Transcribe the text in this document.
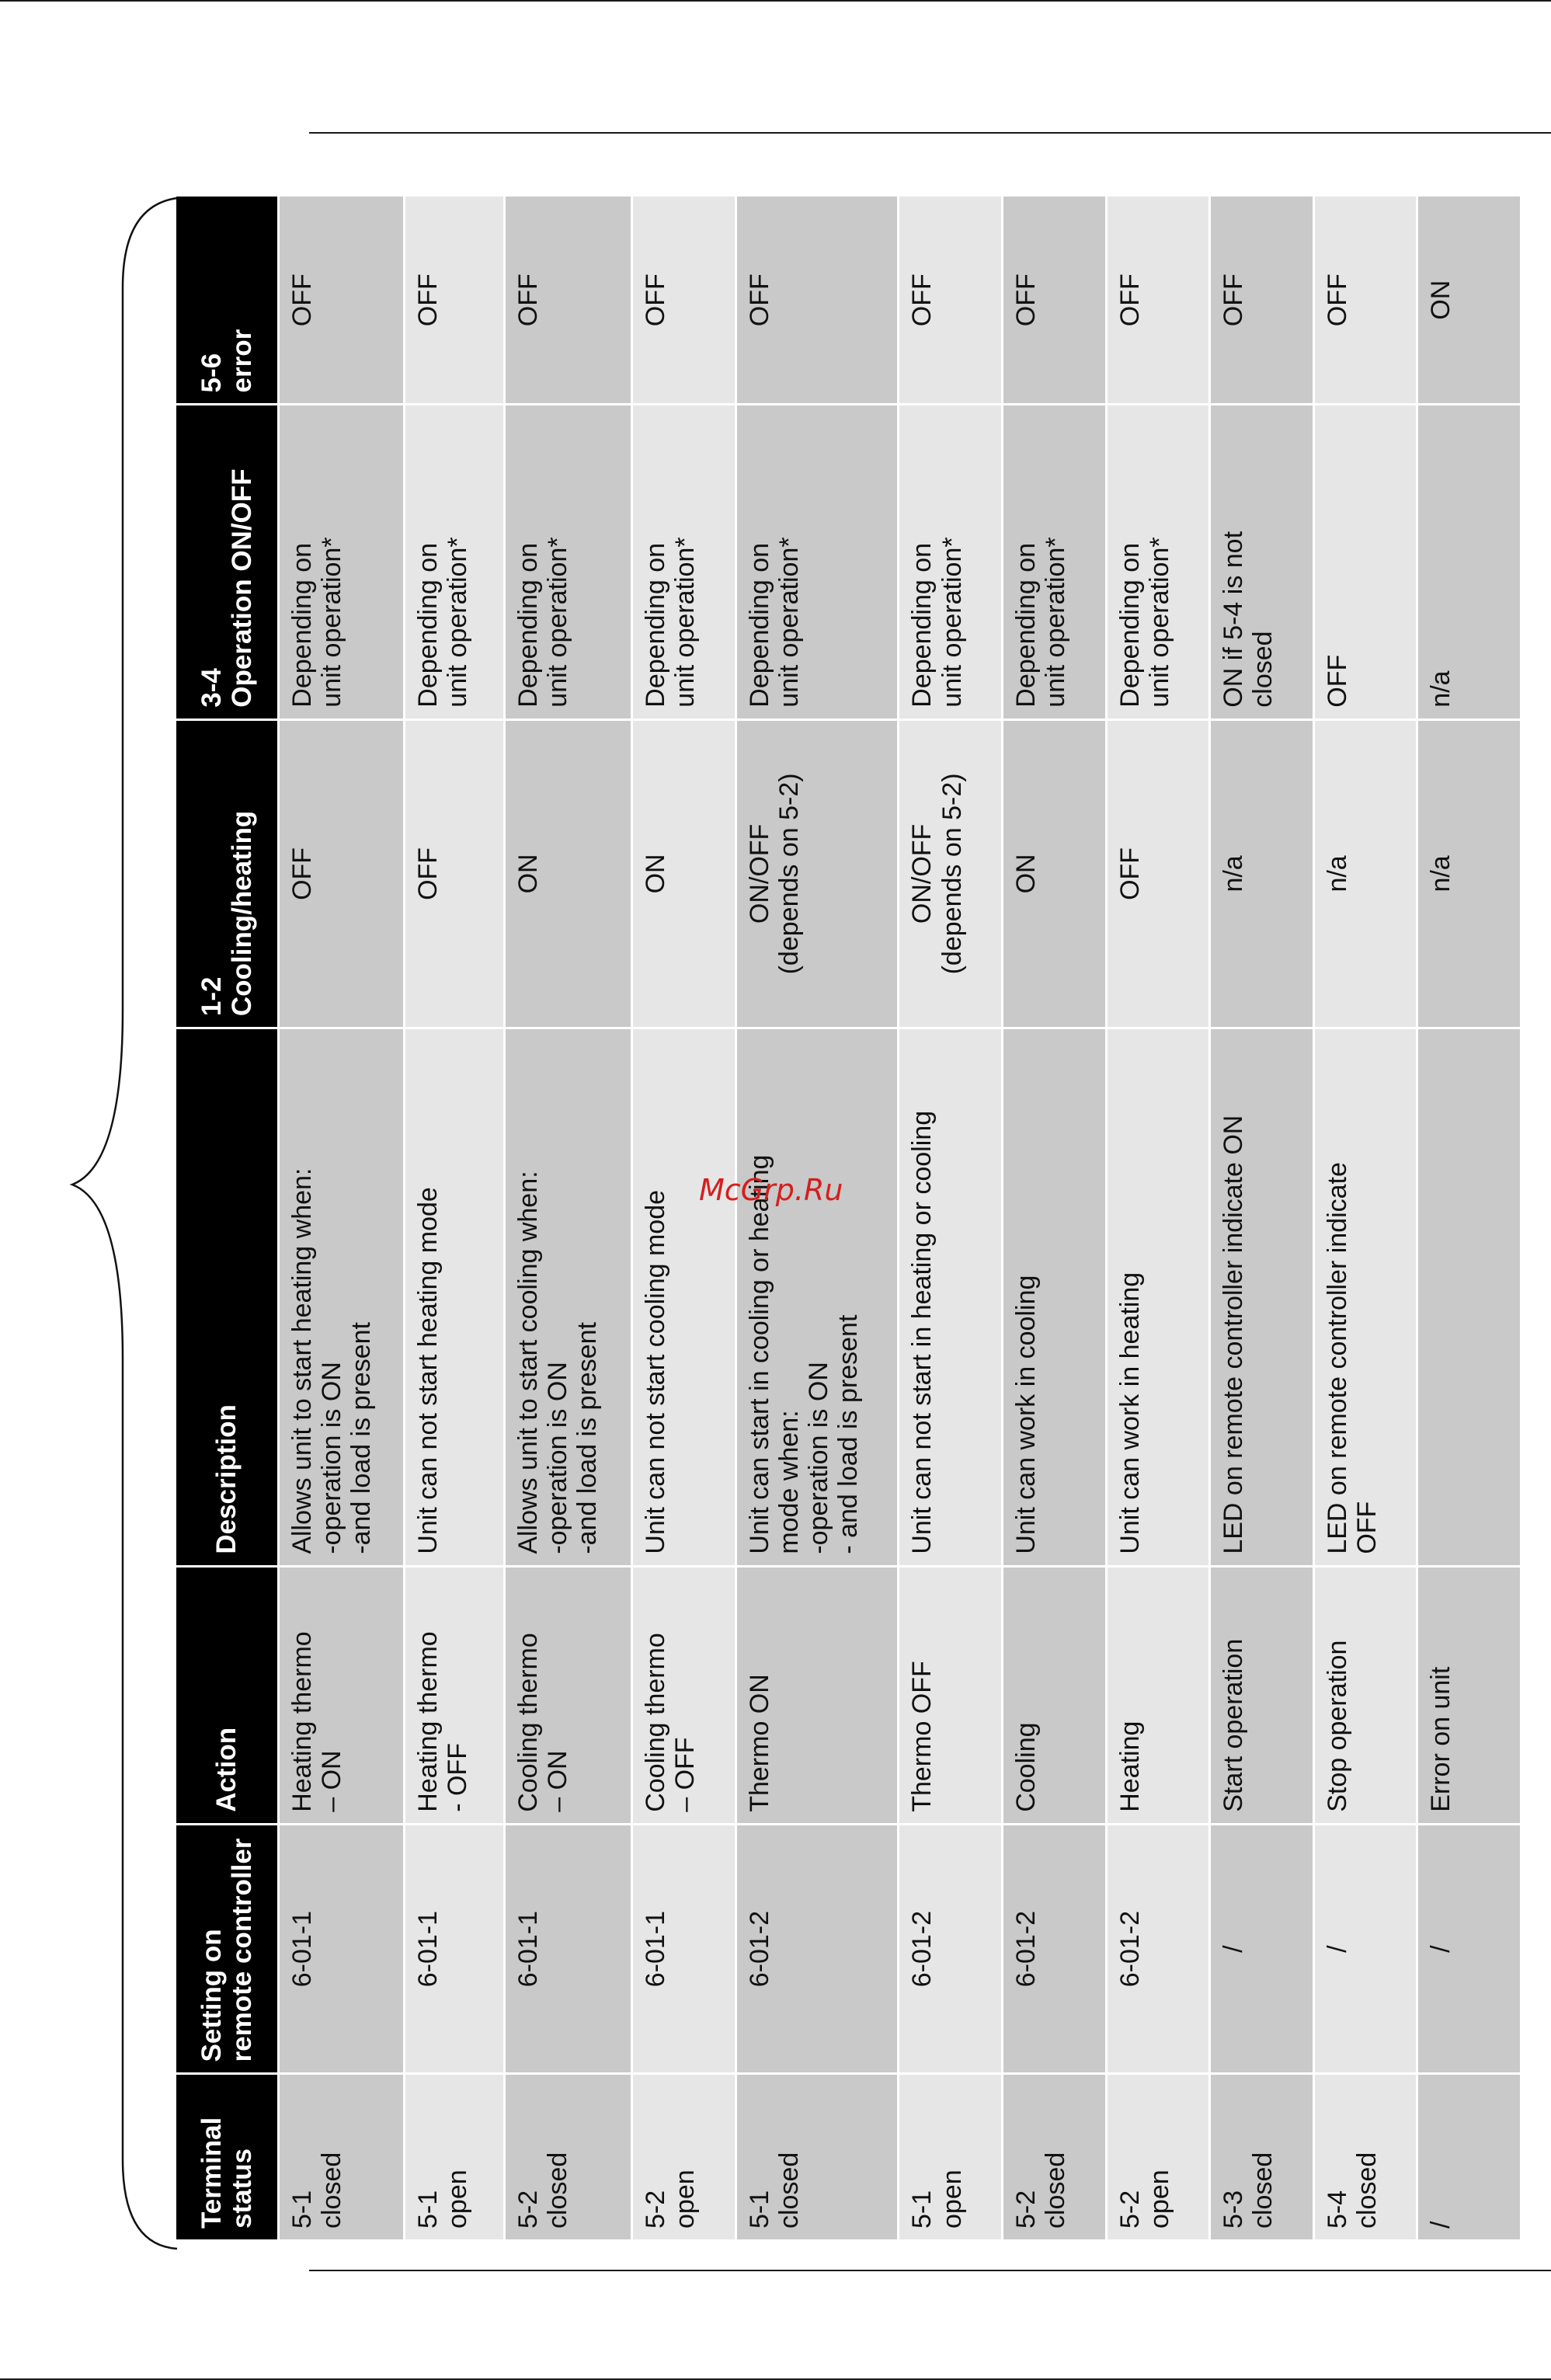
Terminal
status	Setting on
remote controller	Action	Description	1-2
Cooling/heating	3-4
Operation ON/OFF	5-6
error
5-1
closed	6-01-1	Heating thermo
– ON	Allows unit to start heating when:
-operation is ON
-and load is present	OFF	Depending on
unit operation*	OFF
5-1
open	6-01-1	Heating thermo
- OFF	Unit can not start heating mode	OFF	Depending on
unit operation*	OFF
5-2
closed	6-01-1	Cooling thermo
– ON	Allows unit to start cooling when:
-operation is ON
-and load is present	ON	Depending on
unit operation*	OFF
5-2
open	6-01-1	Cooling thermo
– OFF	Unit can not start cooling mode	ON	Depending on
unit operation*	OFF
5-1
closed	6-01-2	Thermo ON	Unit can start in cooling or heating
mode when:
-operation is ON
- and load is present	ON/OFF
(depends on 5-2)	Depending on
unit operation*	OFF
5-1
open	6-01-2	Thermo OFF	Unit can not start in heating or cooling	ON/OFF
(depends on 5-2)	Depending on
unit operation*	OFF
5-2
closed	6-01-2	Cooling	Unit can work in cooling	ON	Depending on
unit operation*	OFF
5-2
open	6-01-2	Heating	Unit can work in heating	OFF	Depending on
unit operation*	OFF
5-3
closed	/	Start operation	LED on remote controller indicate ON	n/a	ON if 5-4 is not
closed	OFF
5-4
closed	/	Stop operation	LED on remote controller indicate
OFF	n/a	OFF	OFF
/	/	Error on unit		n/a	n/a	ON
McGrp.Ru
